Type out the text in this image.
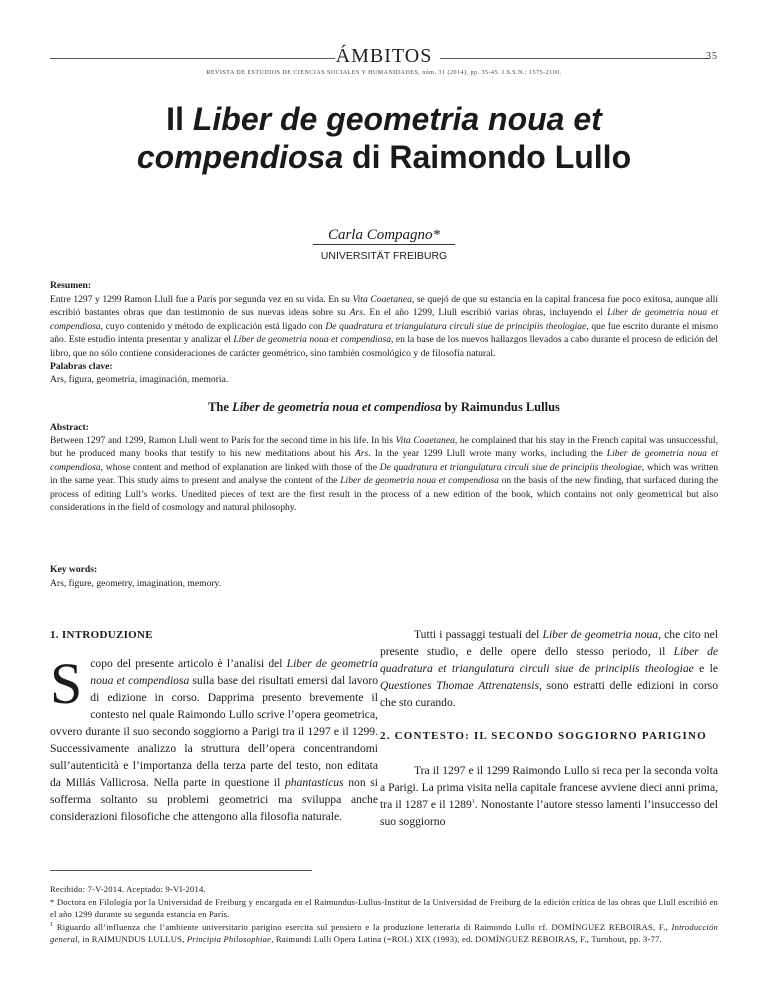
ÁMBITOS	35
REVISTA DE ESTUDIOS DE CIENCIAS SOCIALES Y HUMANIDADES, núm. 31 (2014), pp. 35-45. I.S.S.N.: 1575-2100.
Il Liber de geometria noua et
compendiosa di Raimondo Lullo
Carla Compagno*
UNIVERSITÄT FREIBURG
Resumen:
Entre 1297 y 1299 Ramon Llull fue a París por segunda vez en su vida. En su Vita Coaetanea, se quejó de que su estancia en la capital francesa fue poco exitosa, aunque allí escribió bastantes obras que dan testimonio de sus nuevas ideas sobre su Ars. En el año 1299, Llull escribió varias obras, incluyendo el Liber de geometria noua et compendiosa, cuyo contenido y método de explicación está ligado con De quadratura et triangulatura circuli siue de principiis theologiae, que fue escrito durante el mismo año. Este estudio intenta presentar y analizar el Liber de geometria noua et compendiosa, en la base de los nuevos hallazgos llevados a cabo durante el proceso de edición del libro, que no sólo contiene consideraciones de carácter geométrico, sino también cosmológico y de filosofía natural.
Palabras clave:
Ars, figura, geometría, imaginación, memoria.
The Liber de geometria noua et compendiosa by Raimundus Lullus
Abstract:
Between 1297 and 1299, Ramon Llull went to Paris for the second time in his life. In his Vita Coaetanea, he complained that his stay in the French capital was unsuccessful, but he produced many books that testify to his new meditations about his Ars. In the year 1299 Llull wrote many works, including the Liber de geometria noua et compendiosa, whose content and method of explanation are linked with those of the De quadratura et triangulatura circuli siue de principiis theologiae, which was written in the same year. This study aims to present and analyse the content of the Liber de geometria noua et compendiosa on the basis of the new finding, that surfaced during the process of editing Lull’s works. Unedited pieces of text are the first result in the process of a new edition of the book, which contains not only geometrical but also considerations in the field of cosmology and natural philosophy.
Key words:
Ars, figure, geometry, imagination, memory.
1. INTRODUZIONE
Scopo del presente articolo è l’analisi del Liber de geometria noua et compendiosa sulla base dei risultati emersi dal lavoro di edizione in corso. Dapprima presento brevemente il contesto nel quale Raimondo Lullo scrive l’opera geometrica, ovvero durante il suo secondo soggiorno a Parigi tra il 1297 e il 1299. Successivamente analizzo la struttura dell’opera concentrandomi sull’autenticità e l’importanza della terza parte del testo, non editata da Millás Vallicrosa. Nella parte in questione il phantasticus non si sofferma soltanto su problemi geometrici ma sviluppa anche considerazioni filosofiche che attengono alla filosofia naturale.
Tutti i passaggi testuali del Liber de geometria noua, che cito nel presente studio, e delle opere dello stesso periodo, il Liber de quadratura et triangulatura circuli siue de principiis theologiae e le Questiones Thomae Attrenatensis, sono estratti delle edizioni in corso che sto curando.
2. CONTESTO: IL SECONDO SOGGIORNO PARIGINO
Tra il 1297 e il 1299 Raimondo Lullo si reca per la seconda volta a Parigi. La prima visita nella capitale francese avviene dieci anni prima, tra il 1287 e il 1289$^1$. Nonostante l’autore stesso lamenti l’insuccesso del suo soggiorno
Recibido: 7-V-2014. Aceptado: 9-VI-2014.
* Doctora en Filología por la Universidad de Freiburg y encargada en el Raimundus-Lullus-Institut de la Universidad de Freiburg de la edición crítica de las obras que Llull escribió en el año 1299 durante su segunda estancia en París.
$^1$ Riguardo all’influenza che l’ambiente universitario parigino esercita sul pensiero e la produzione letteraria di Raimondo Lullo cf. DOMÍNGUEZ REBOIRAS, F., Introducción general, in RAIMUNDUS LULLUS, Principia Philosophiae, Raimundi Lulli Opera Latina (=ROL) XIX (1993), ed. DOMÍNGUEZ REBOIRAS, F., Turnhout, pp. 3-77.
